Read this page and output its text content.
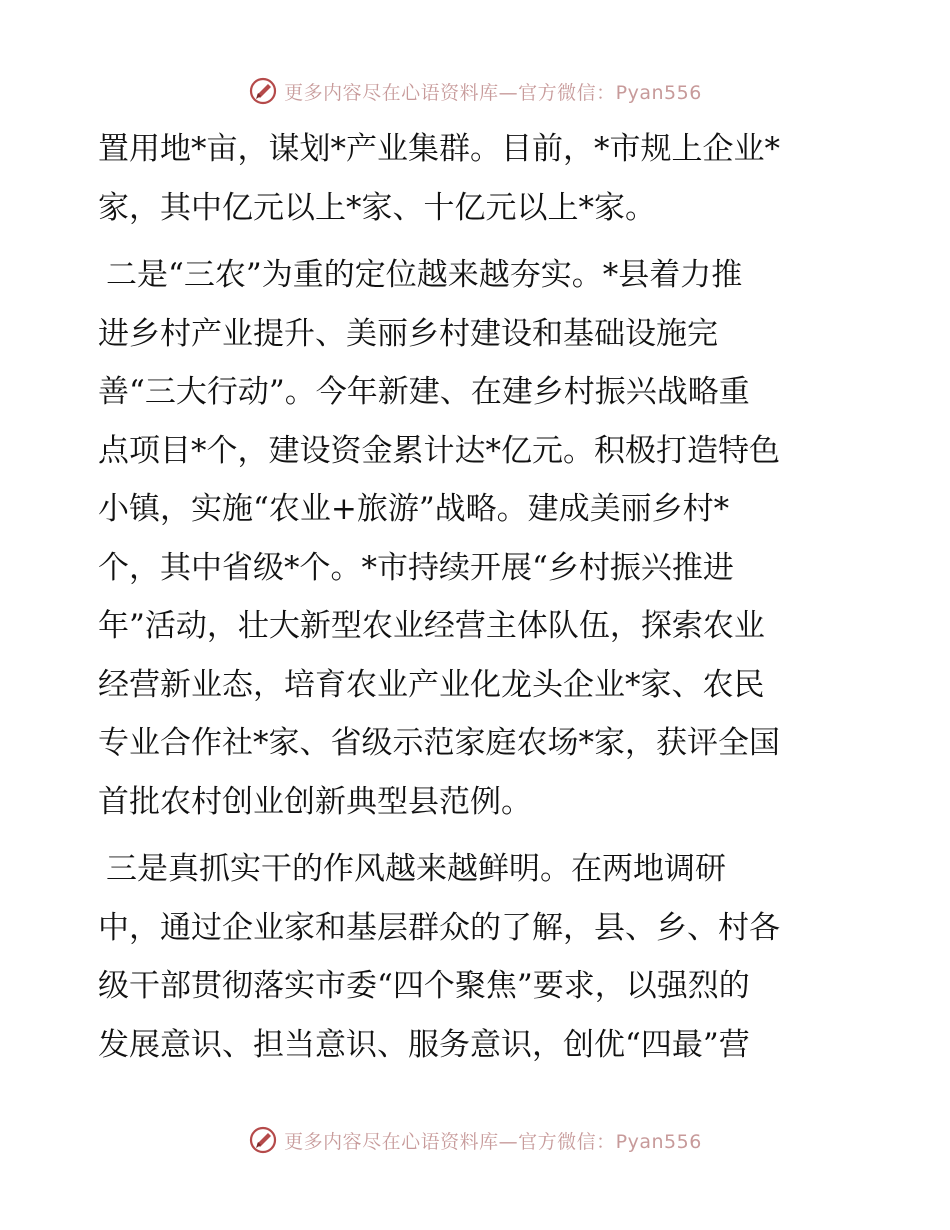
更多内容尽在心语资料库—官方微信：Pyan556

置用地*亩，谋划*产业集群。目前，*市规上企业*
家，其中亿元以上*家、十亿元以上*家。

二是“三农”为重的定位越来越夯实。*县着力推
进乡村产业提升、美丽乡村建设和基础设施完
善“三大行动”。今年新建、在建乡村振兴战略重
点项目*个，建设资金累计达*亿元。积极打造特色
小镇，实施“农业+旅游”战略。建成美丽乡村*
个，其中省级*个。*市持续开展“乡村振兴推进
年”活动，壮大新型农业经营主体队伍，探索农业
经营新业态，培育农业产业化龙头企业*家、农民
专业合作社*家、省级示范家庭农场*家，获评全国
首批农村创业创新典型县范例。

三是真抓实干的作风越来越鲜明。在两地调研
中，通过企业家和基层群众的了解，县、乡、村各
级干部贯彻落实市委“四个聚焦”要求，以强烈的
发展意识、担当意识、服务意识，创优“四最”营

更多内容尽在心语资料库—官方微信：Pyan556
